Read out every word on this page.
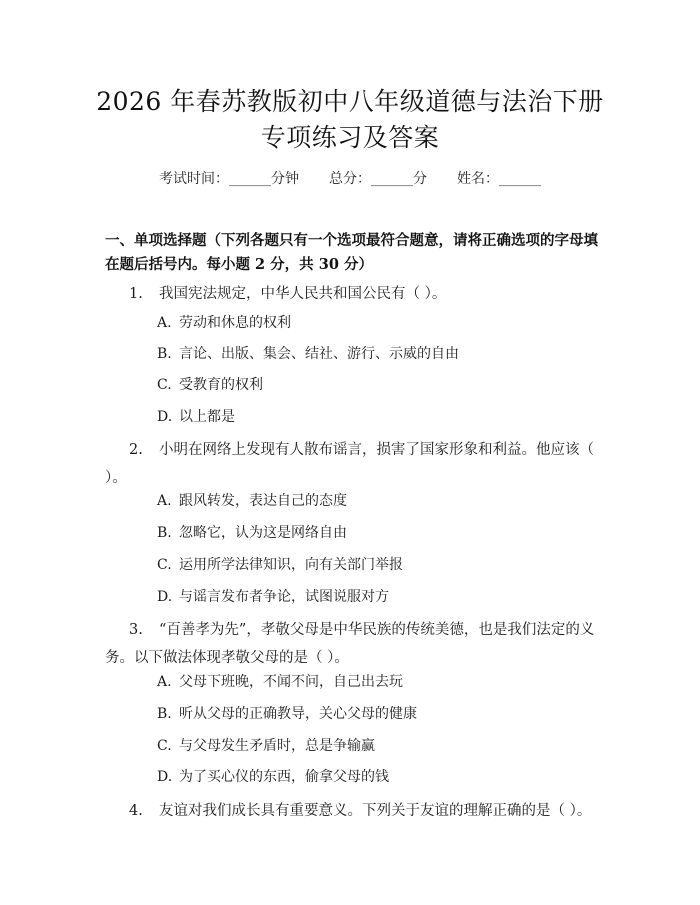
2026 年春苏教版初中八年级道德与法治下册
专项练习及答案
考试时间：______分钟 总分：______分 姓名：______
一、单项选择题（下列各题只有一个选项最符合题意，请将正确选项的字母填在题后括号内。每小题 2 分，共 30 分）
1. 我国宪法规定，中华人民共和国公民有（ ）。
A. 劳动和休息的权利
B. 言论、出版、集会、结社、游行、示威的自由
C. 受教育的权利
D. 以上都是
2. 小明在网络上发现有人散布谣言，损害了国家形象和利益。他应该（ ）。
A. 跟风转发，表达自己的态度
B. 忽略它，认为这是网络自由
C. 运用所学法律知识，向有关部门举报
D. 与谣言发布者争论，试图说服对方
3. “百善孝为先”，孝敬父母是中华民族的传统美德，也是我们法定的义务。以下做法体现孝敬父母的是（ ）。
A. 父母下班晚，不闻不问，自己出去玩
B. 听从父母的正确教导，关心父母的健康
C. 与父母发生矛盾时，总是争输赢
D. 为了买心仪的东西，偷拿父母的钱
4. 友谊对我们成长具有重要意义。下列关于友谊的理解正确的是（ ）。
